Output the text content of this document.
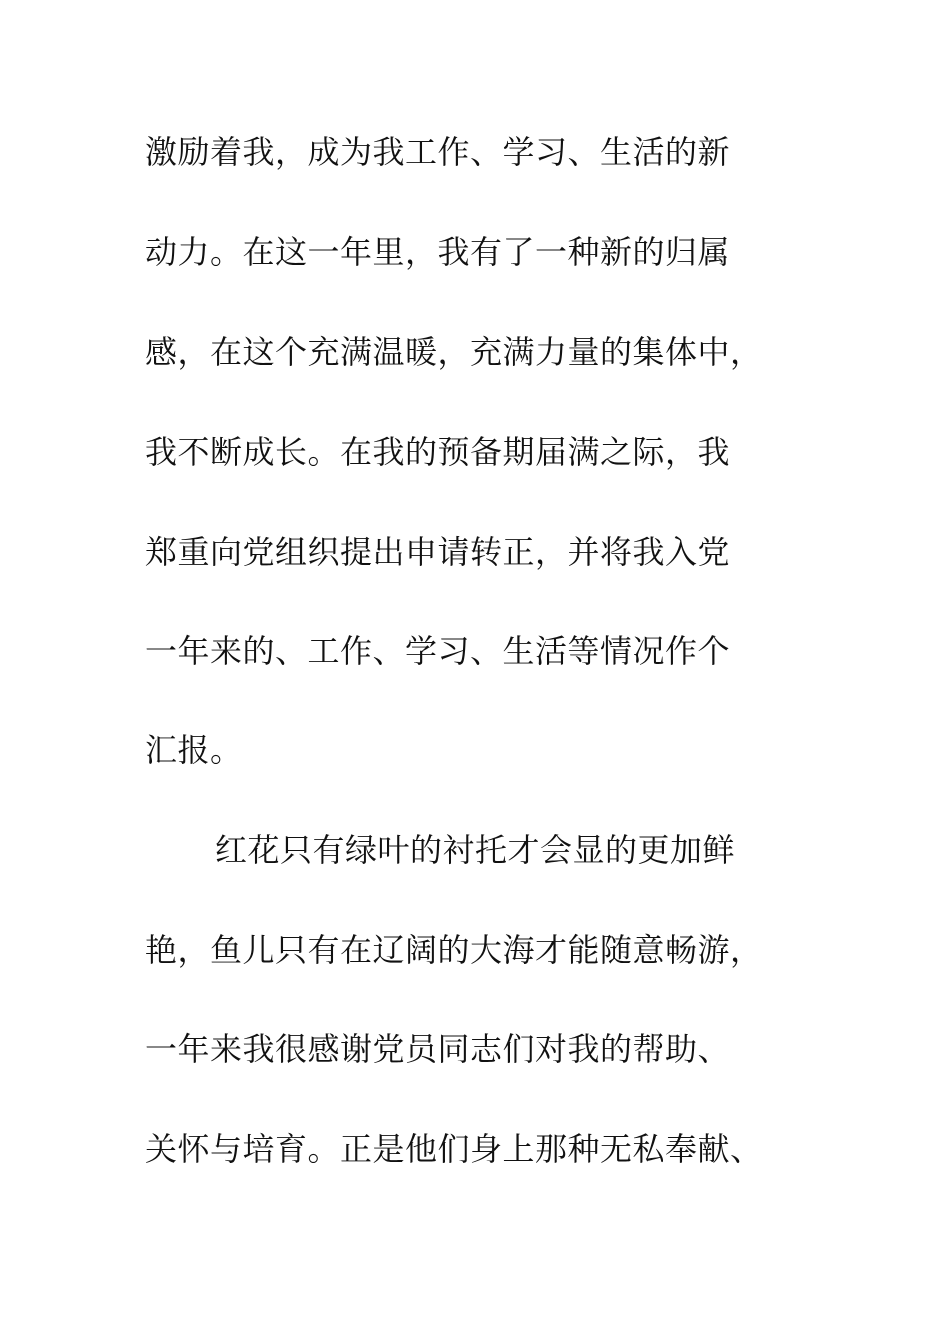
激励着我，成为我工作、学习、生活的新
动力。在这一年里，我有了一种新的归属
感，在这个充满温暖，充满力量的集体中，
我不断成长。在我的预备期届满之际，我
郑重向党组织提出申请转正，并将我入党
一年来的、工作、学习、生活等情况作个
汇报。
红花只有绿叶的衬托才会显的更加鲜
艳，鱼儿只有在辽阔的大海才能随意畅游，
一年来我很感谢党员同志们对我的帮助、
关怀与培育。正是他们身上那种无私奉献、
